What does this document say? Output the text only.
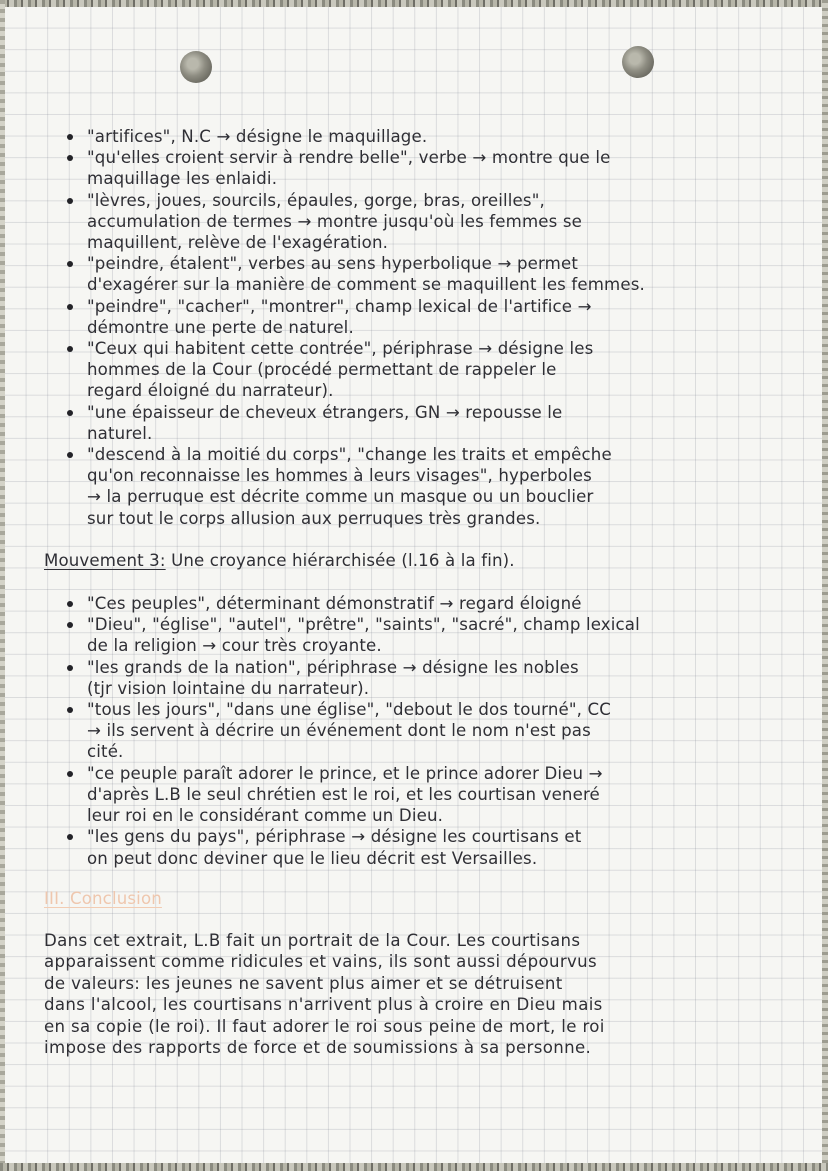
"artifices", N.C → désigne le maquillage.
"qu'elles croient servir à rendre belle", verbe → montre que le
maquillage les enlaidi.
"lèvres, joues, sourcils, épaules, gorge, bras, oreilles",
accumulation de termes → montre jusqu'où les femmes se
maquillent, relève de l'exagération.
"peindre, étalent", verbes au sens hyperbolique → permet
d'exagérer sur la manière de comment se maquillent les femmes.
"peindre", "cacher", "montrer", champ lexical de l'artifice →
démontre une perte de naturel.
"Ceux qui habitent cette contrée", périphrase → désigne les
hommes de la Cour (procédé permettant de rappeler le
regard éloigné du narrateur).
"une épaisseur de cheveux étrangers, GN → repousse le
naturel.
"descend à la moitié du corps", "change les traits et empêche
qu'on reconnaisse les hommes à leurs visages", hyperboles
→ la perruque est décrite comme un masque ou un bouclier
sur tout le corps allusion aux perruques très grandes.
Mouvement 3: Une croyance hiérarchisée (l.16 à la fin).
"Ces peuples", déterminant démonstratif → regard éloigné
"Dieu", "église", "autel", "prêtre", "saints", "sacré", champ lexical
de la religion → cour très croyante.
"les grands de la nation", périphrase → désigne les nobles
(tjr vision lointaine du narrateur).
"tous les jours", "dans une église", "debout le dos tourné", CC
→ ils servent à décrire un événement dont le nom n'est pas
cité.
"ce peuple paraît adorer le prince, et le prince adorer Dieu →
d'après L.B le seul chrétien est le roi, et les courtisan veneré
leur roi en le considérant comme un Dieu.
"les gens du pays", périphrase → désigne les courtisans et
on peut donc deviner que le lieu décrit est Versailles.
III. Conclusion
Dans cet extrait, L.B fait un portrait de la Cour. Les courtisans
apparaissent comme ridicules et vains, ils sont aussi dépourvus
de valeurs: les jeunes ne savent plus aimer et se détruisent
dans l'alcool, les courtisans n'arrivent plus à croire en Dieu mais
en sa copie (le roi). Il faut adorer le roi sous peine de mort, le roi
impose des rapports de force et de soumissions à sa personne.
